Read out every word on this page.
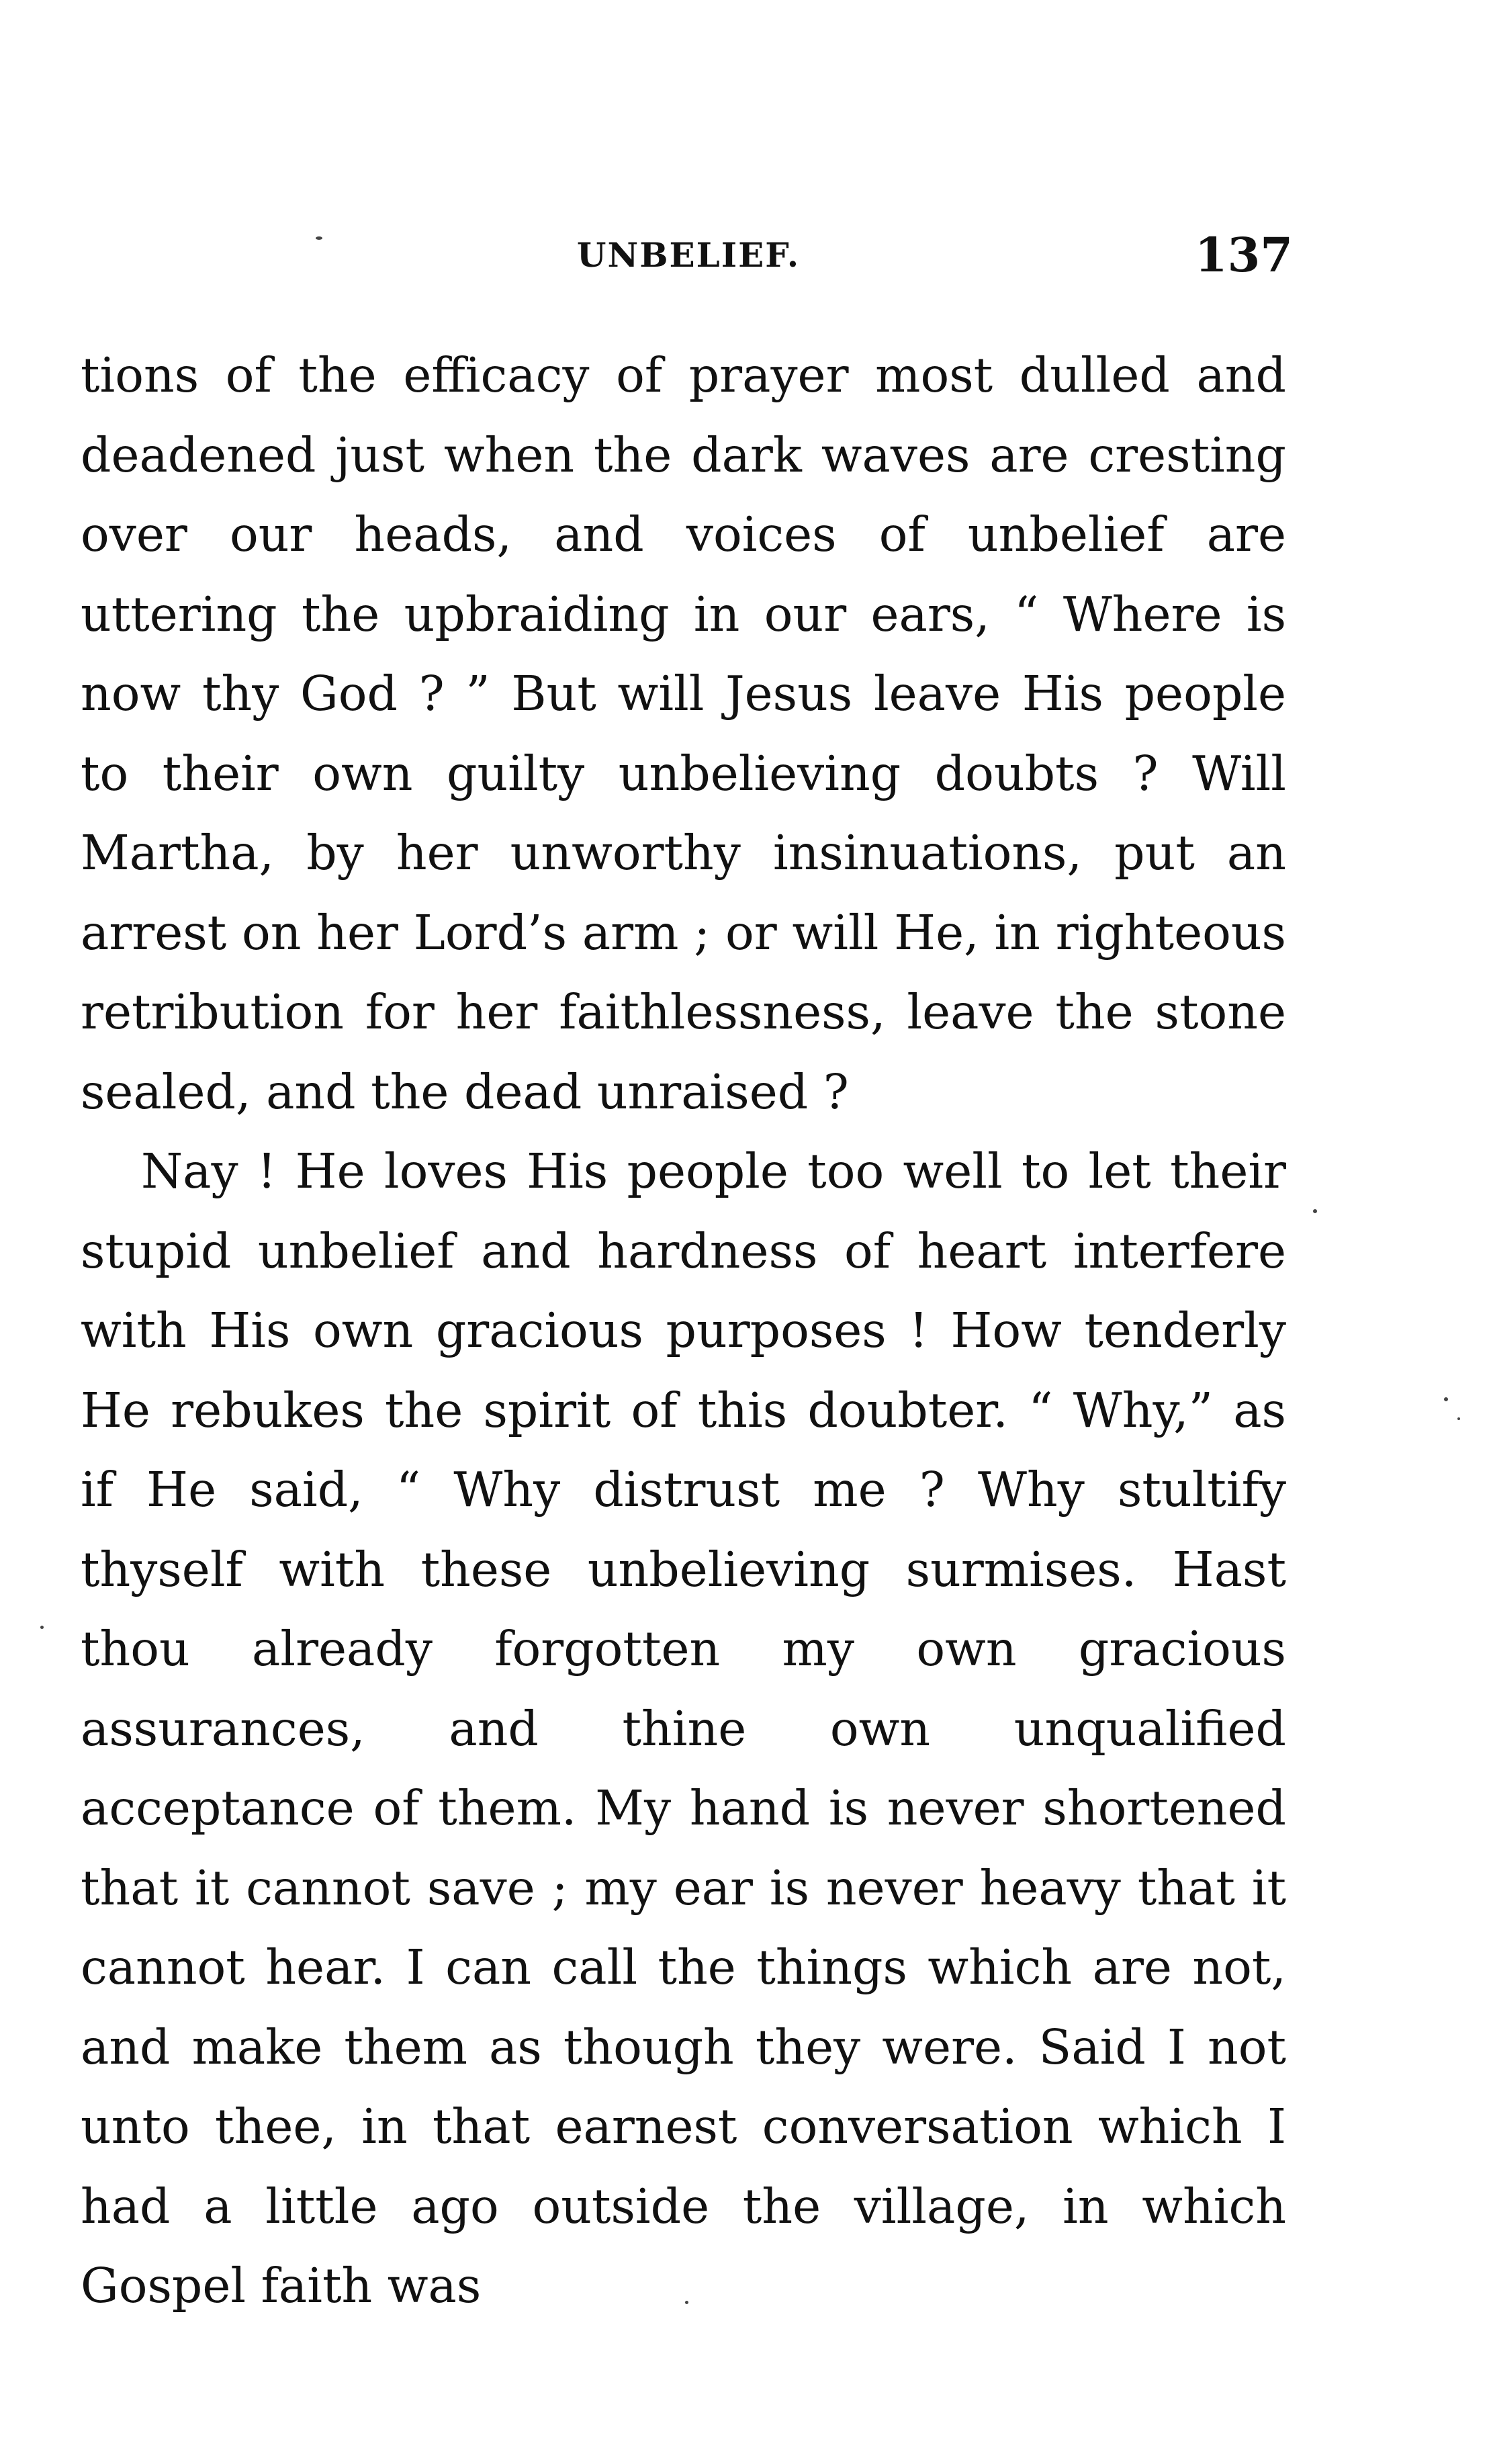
UNBELIEF.	137

tions of the efficacy of prayer most dulled and deadened just when the dark waves are cresting over our heads, and voices of unbelief are uttering the upbraiding in our ears, “ Where is now thy God ? ” But will Jesus leave His people to their own guilty unbelieving doubts ? Will Martha, by her unworthy insinuations, put an arrest on her Lord’s arm ; or will He, in righteous retribution for her faithlessness, leave the stone sealed, and the dead unraised ?

Nay ! He loves His people too well to let their stupid unbelief and hardness of heart interfere with His own gracious purposes ! How tenderly He rebukes the spirit of this doubter. “ Why,” as if He said, “ Why distrust me ? Why stultify thyself with these unbelieving surmises. Hast thou already forgotten my own gracious assurances, and thine own unqualified acceptance of them. My hand is never shortened that it cannot save ; my ear is never heavy that it cannot hear. I can call the things which are not, and make them as though they were. Said I not unto thee, in that earnest conversation which I had a little ago outside the village, in which Gospel faith was
